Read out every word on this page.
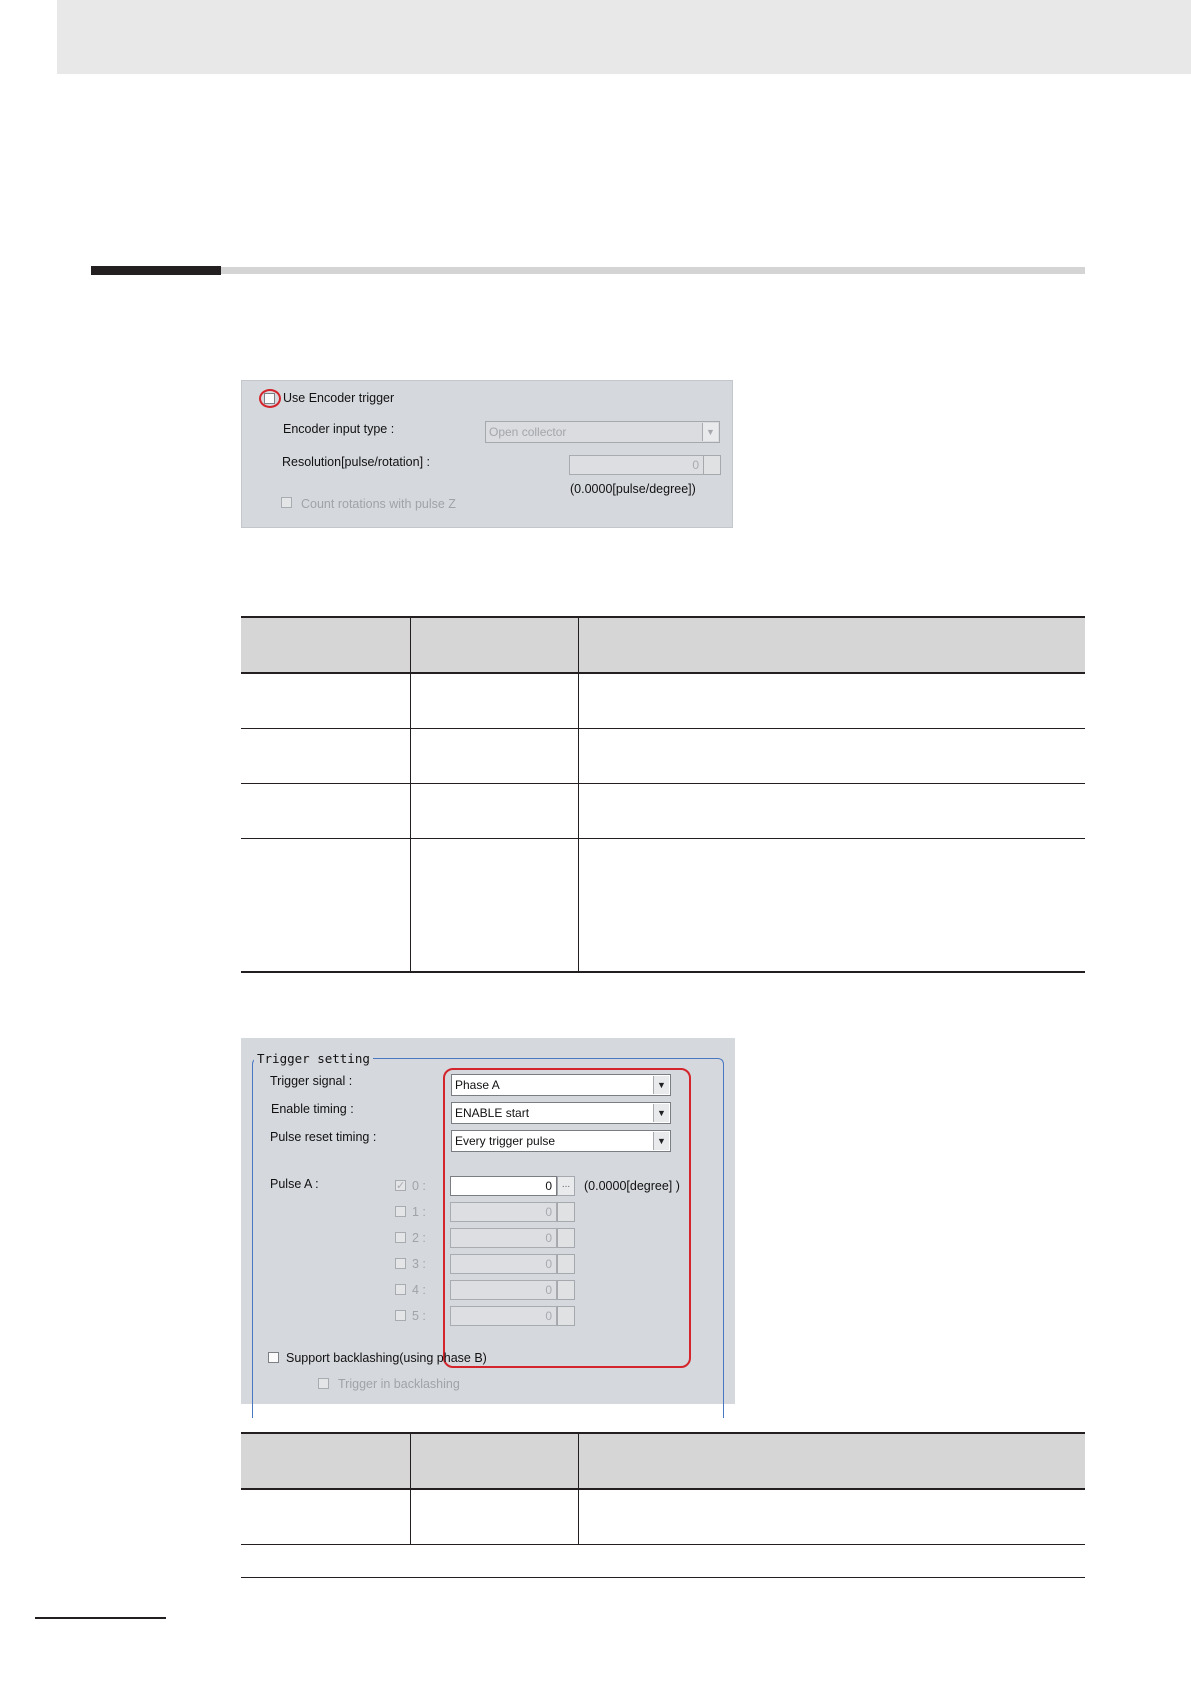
Use Encoder trigger
Encoder input type :	Open collector	▼
Resolution[pulse/rotation] :	0
(0.0000[pulse/degree])
Count rotations with pulse Z

Trigger setting
Trigger signal :	Phase A	▼
Enable timing :	ENABLE start	▼
Pulse reset timing :	Every trigger pulse	▼
Pulse A :	✓ 0 :	0 ...	(0.0000[degree] )
1 :	0
2 :	0
3 :	0
4 :	0
5 :	0
Support backlashing(using phase B)
Trigger in backlashing
